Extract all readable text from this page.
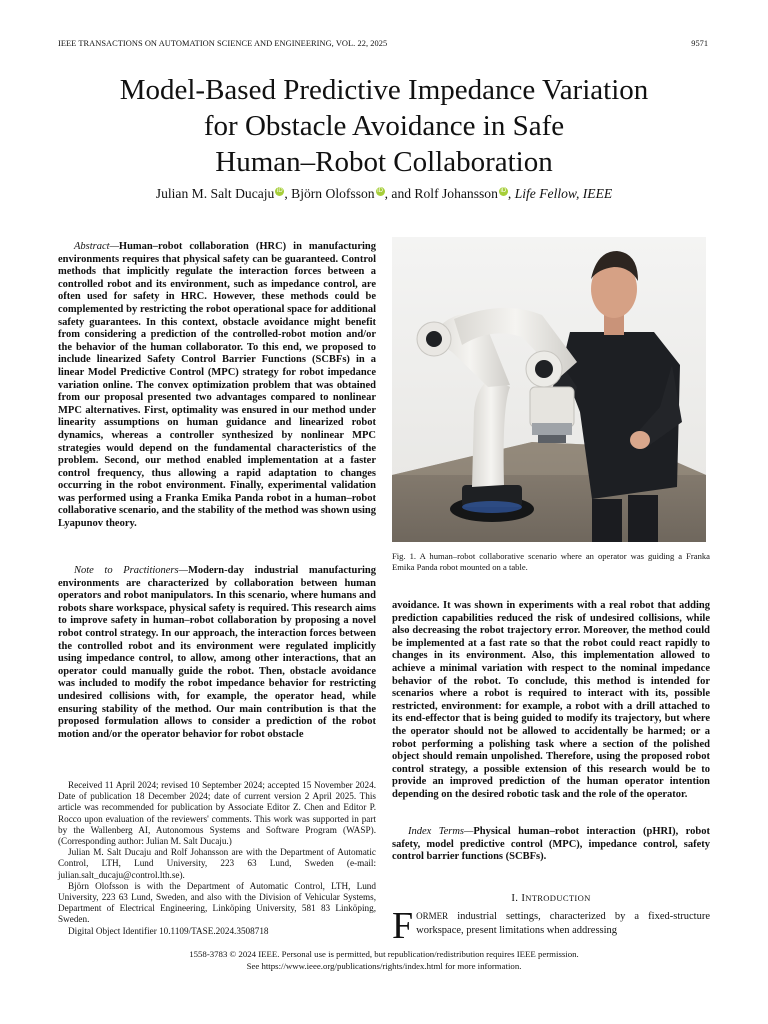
IEEE TRANSACTIONS ON AUTOMATION SCIENCE AND ENGINEERING, VOL. 22, 2025	9571
Model-Based Predictive Impedance Variation
for Obstacle Avoidance in Safe
Human–Robot Collaboration
Julian M. Salt Ducaju iD , Björn Olofsson iD , and Rolf Johansson iD , Life Fellow, IEEE
Abstract—Human–robot collaboration (HRC) in manufacturing environments requires that physical safety can be guaranteed. Control methods that implicitly regulate the interaction forces between a controlled robot and its environment, such as impedance control, are often used for safety in HRC. However, these methods could be complemented by restricting the robot operational space for additional safety guarantees. In this context, obstacle avoidance might benefit from considering a prediction of the controlled-robot motion and/or the behavior of the human collaborator. To this end, we proposed to include linearized Safety Control Barrier Functions (SCBFs) in a linear Model Predictive Control (MPC) strategy for robot impedance variation online. The convex optimization problem that was obtained from our proposal presented two advantages compared to nonlinear MPC alternatives. First, optimality was ensured in our method under linearity assumptions on human guidance and linearized robot dynamics, whereas a controller synthesized by nonlinear MPC strategies would depend on the fundamental characteristics of the problem. Second, our method enabled implementation at a faster control frequency, thus allowing a rapid adaptation to changes occurring in the robot environment. Finally, experimental validation was performed using a Franka Emika Panda robot in a human–robot collaborative scenario, and the stability of the method was shown using Lyapunov theory.
Note to Practitioners—Modern-day industrial manufacturing environments are characterized by collaboration between human operators and robot manipulators. In this scenario, where humans and robots share workspace, physical safety is required. This research aims to improve safety in human–robot collaboration by proposing a novel robot control strategy. In our approach, the interaction forces between the controlled robot and its environment were regulated implicitly using impedance control, to allow, among other interactions, that an operator could manually guide the robot. Then, obstacle avoidance was included to modify the robot impedance behavior for restricting undesired collisions with, for example, the operator head, while ensuring stability of the method. Our main contribution is that the proposed formulation allows to consider a prediction of the robot motion and/or the operator behavior for robot obstacle

Received 11 April 2024; revised 10 September 2024; accepted 15 November 2024. Date of publication 18 December 2024; date of current version 2 April 2025. This article was recommended for publication by Associate Editor Z. Chen and Editor P. Rocco upon evaluation of the reviewers' comments. This work was supported in part by the Wallenberg AI, Autonomous Systems and Software Program (WASP). (Corresponding author: Julian M. Salt Ducaju.)

Julian M. Salt Ducaju and Rolf Johansson are with the Department of Automatic Control, LTH, Lund University, 223 63 Lund, Sweden (e-mail: julian.salt_ducaju@control.lth.se).

Björn Olofsson is with the Department of Automatic Control, LTH, Lund University, 223 63 Lund, Sweden, and also with the Division of Vehicular Systems, Department of Electrical Engineering, Linköping University, 581 83 Linköping, Sweden.

Digital Object Identifier 10.1109/TASE.2024.3508718

Fig. 1. A human–robot collaborative scenario where an operator was guiding a Franka Emika Panda robot mounted on a table.
avoidance. It was shown in experiments with a real robot that adding prediction capabilities reduced the risk of undesired collisions, while also decreasing the robot trajectory error. Moreover, the method could be implemented at a fast rate so that the robot could react rapidly to changes in its environment. Also, this implementation allowed to achieve a minimal variation with respect to the nominal impedance behavior of the robot. To conclude, this method is intended for scenarios where a robot is required to interact with its, possible restricted, environment: for example, a robot with a drill attached to its end-effector that is being guided to modify its trajectory, but where the operator should not be allowed to accidentally be harmed; or a robot performing a polishing task where a section of the polished object should remain unpolished. Therefore, using the proposed robot control strategy, a possible extension of this research would be to provide an improved prediction of the human operator intention depending on the desired robotic task and the role of the operator.
Index Terms—Physical human–robot interaction (pHRI), robot safety, model predictive control (MPC), impedance control, safety control barrier functions (SCBFs).
I. INTRODUCTION
FORMER industrial settings, characterized by a fixed-structure workspace, present limitations when addressing
1558-3783 © 2024 IEEE. Personal use is permitted, but republication/redistribution requires IEEE permission.
See https://www.ieee.org/publications/rights/index.html for more information.
